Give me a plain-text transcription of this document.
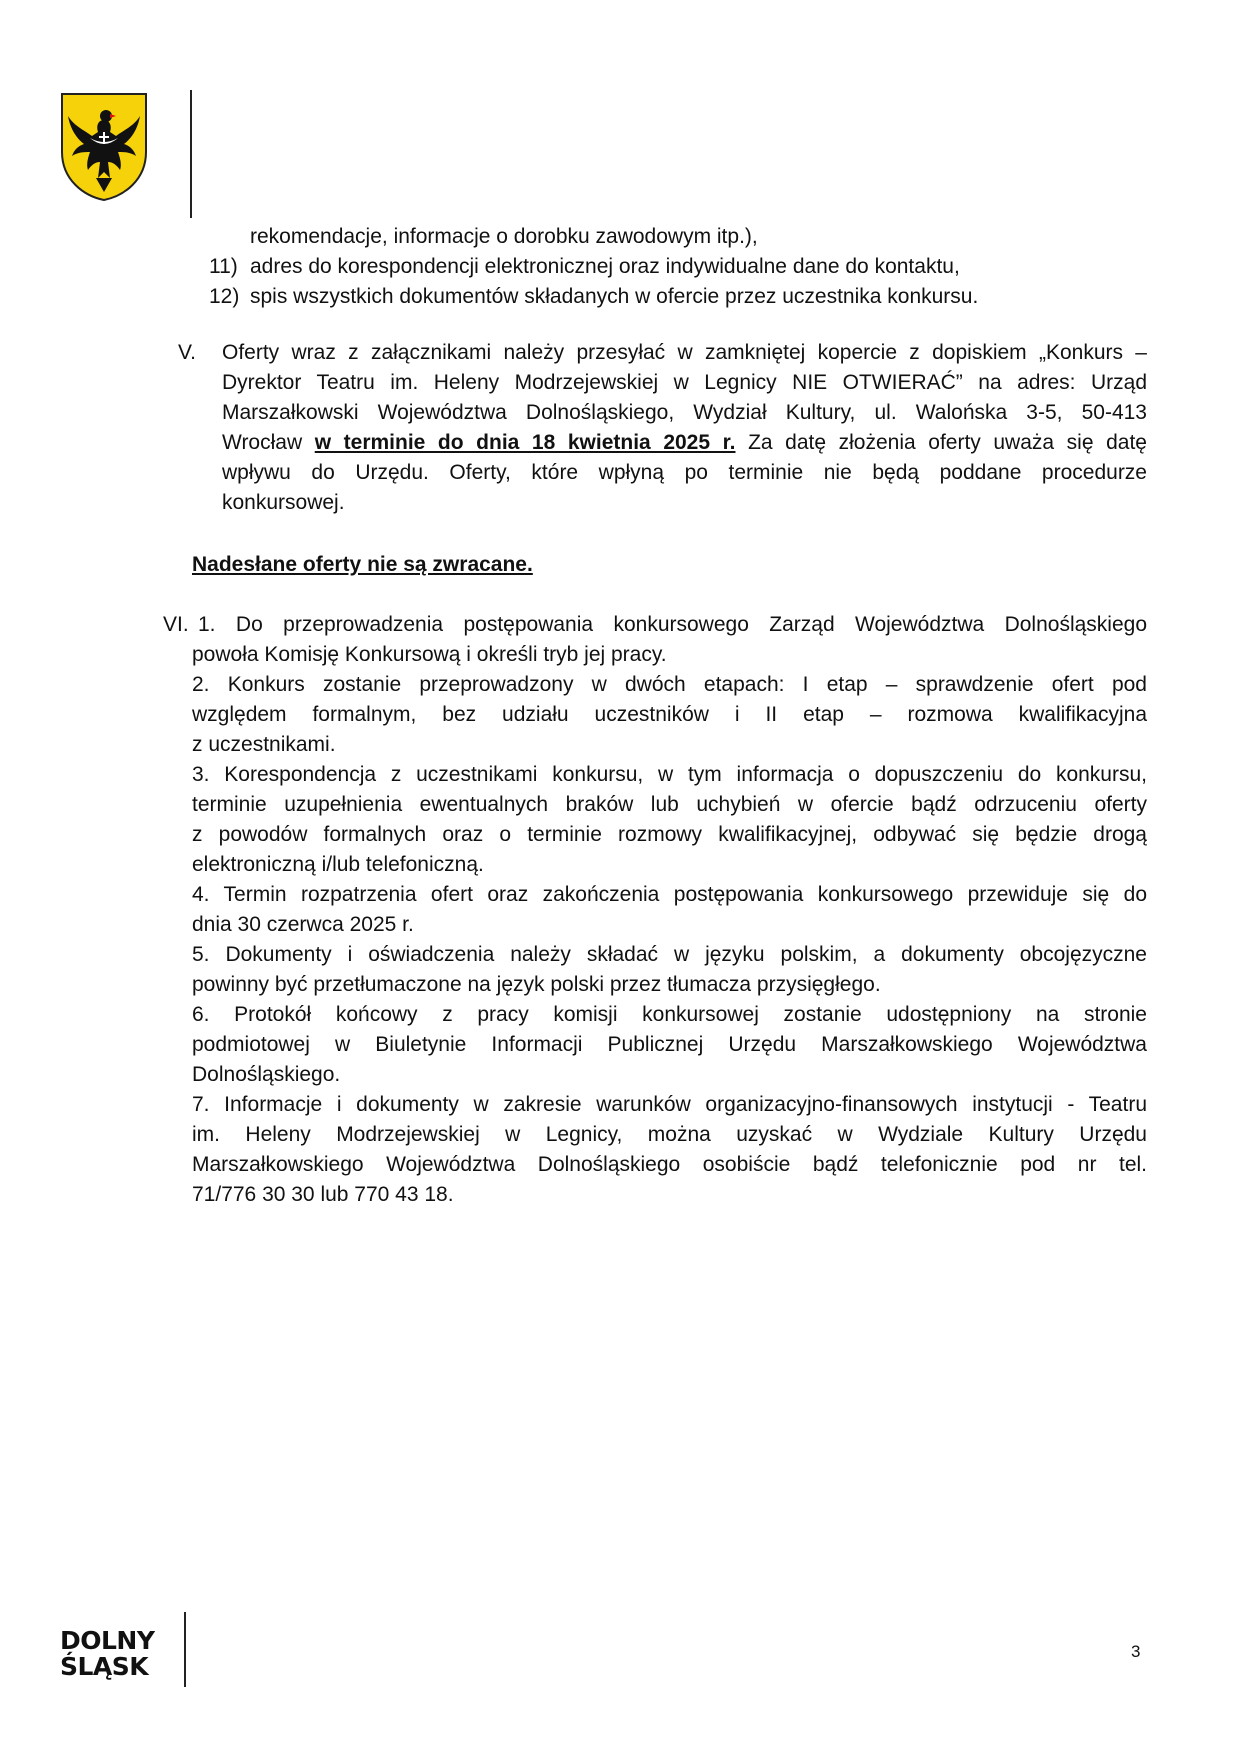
rekomendacje, informacje o dorobku zawodowym itp.),
11) adres do korespondencji elektronicznej oraz indywidualne dane do kontaktu,
12) spis wszystkich dokumentów składanych w ofercie przez uczestnika konkursu.
V. Oferty wraz z załącznikami należy przesyłać w zamkniętej kopercie z dopiskiem „Konkurs –
Dyrektor Teatru im. Heleny Modrzejewskiej w Legnicy NIE OTWIERAĆ” na adres: Urząd
Marszałkowski Województwa Dolnośląskiego, Wydział Kultury, ul. Walońska 3-5, 50-413
Wrocław w terminie do dnia 18 kwietnia 2025 r. Za datę złożenia oferty uważa się datę
wpływu do Urzędu. Oferty, które wpłyną po terminie nie będą poddane procedurze
konkursowej.
Nadesłane oferty nie są zwracane.
VI. 1. Do przeprowadzenia postępowania konkursowego Zarząd Województwa Dolnośląskiego
powoła Komisję Konkursową i określi tryb jej pracy.
2. Konkurs zostanie przeprowadzony w dwóch etapach: I etap – sprawdzenie ofert pod
względem formalnym, bez udziału uczestników i II etap – rozmowa kwalifikacyjna
z uczestnikami.
3. Korespondencja z uczestnikami konkursu, w tym informacja o dopuszczeniu do konkursu,
terminie uzupełnienia ewentualnych braków lub uchybień w ofercie bądź odrzuceniu oferty
z powodów formalnych oraz o terminie rozmowy kwalifikacyjnej, odbywać się będzie drogą
elektroniczną i/lub telefoniczną.
4. Termin rozpatrzenia ofert oraz zakończenia postępowania konkursowego przewiduje się do
dnia 30 czerwca 2025 r.
5. Dokumenty i oświadczenia należy składać w języku polskim, a dokumenty obcojęzyczne
powinny być przetłumaczone na język polski przez tłumacza przysięgłego.
6. Protokół końcowy z pracy komisji konkursowej zostanie udostępniony na stronie
podmiotowej w Biuletynie Informacji Publicznej Urzędu Marszałkowskiego Województwa
Dolnośląskiego.
7. Informacje i dokumenty w zakresie warunków organizacyjno-finansowych instytucji - Teatru
im. Heleny Modrzejewskiej w Legnicy, można uzyskać w Wydziale Kultury Urzędu
Marszałkowskiego Województwa Dolnośląskiego osobiście bądź telefonicznie pod nr tel.
71/776 30 30 lub 770 43 18.
DOLNY
ŚLĄSK
3
